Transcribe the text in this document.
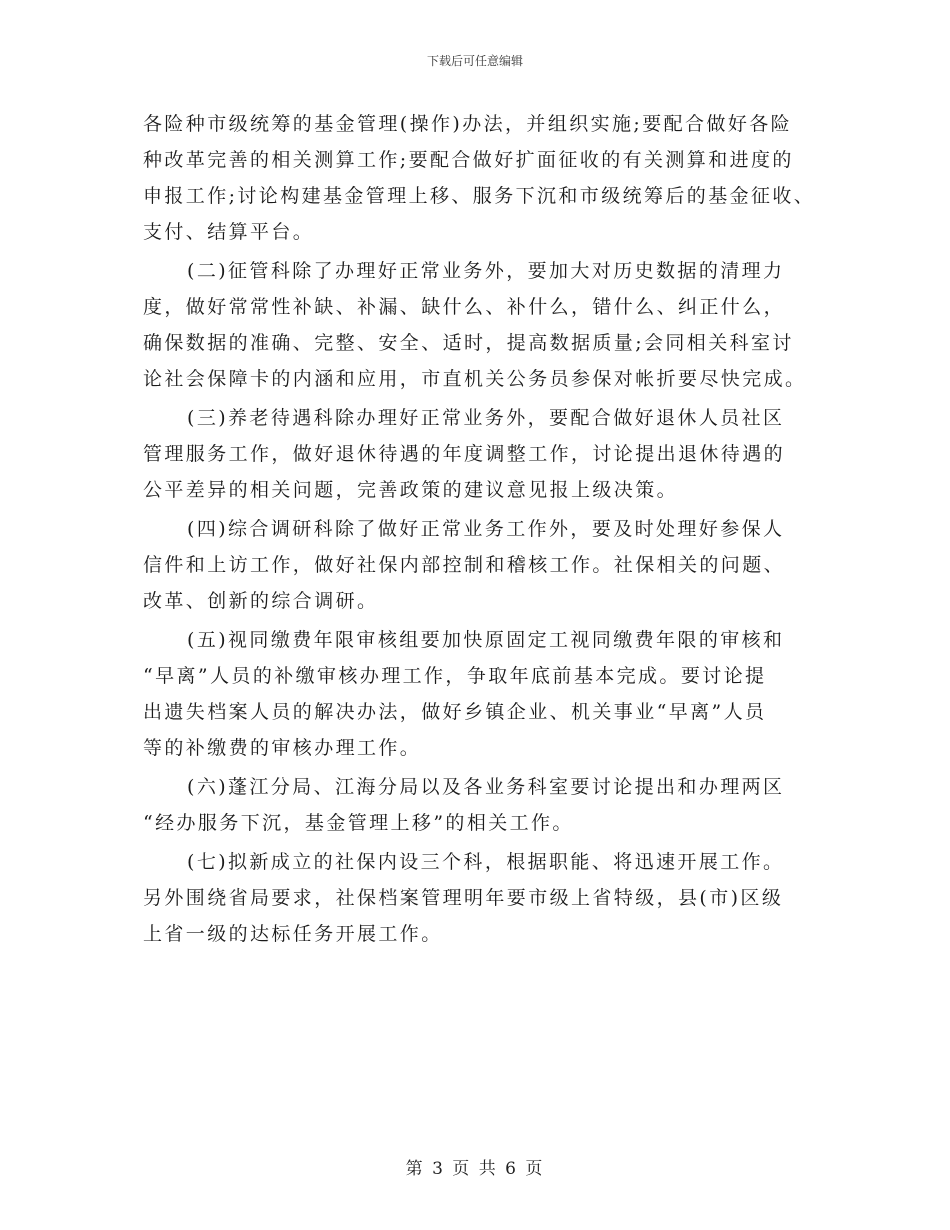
下载后可任意编辑
各险种市级统筹的基金管理(操作)办法，并组织实施;要配合做好各险
种改革完善的相关测算工作;要配合做好扩面征收的有关测算和进度的
申报工作;讨论构建基金管理上移、服务下沉和市级统筹后的基金征收、
支付、结算平台。
(二)征管科除了办理好正常业务外，要加大对历史数据的清理力
度，做好常常性补缺、补漏、缺什么、补什么，错什么、纠正什么，
确保数据的准确、完整、安全、适时，提高数据质量;会同相关科室讨
论社会保障卡的内涵和应用，市直机关公务员参保对帐折要尽快完成。
(三)养老待遇科除办理好正常业务外，要配合做好退休人员社区
管理服务工作，做好退休待遇的年度调整工作，讨论提出退休待遇的
公平差异的相关问题，完善政策的建议意见报上级决策。
(四)综合调研科除了做好正常业务工作外，要及时处理好参保人
信件和上访工作，做好社保内部控制和稽核工作。社保相关的问题、
改革、创新的综合调研。
(五)视同缴费年限审核组要加快原固定工视同缴费年限的审核和
“早离”人员的补缴审核办理工作，争取年底前基本完成。要讨论提
出遗失档案人员的解决办法，做好乡镇企业、机关事业“早离”人员
等的补缴费的审核办理工作。
(六)蓬江分局、江海分局以及各业务科室要讨论提出和办理两区
“经办服务下沉，基金管理上移”的相关工作。
(七)拟新成立的社保内设三个科，根据职能、将迅速开展工作。
另外围绕省局要求，社保档案管理明年要市级上省特级，县(市)区级
上省一级的达标任务开展工作。
第 3 页 共 6 页
